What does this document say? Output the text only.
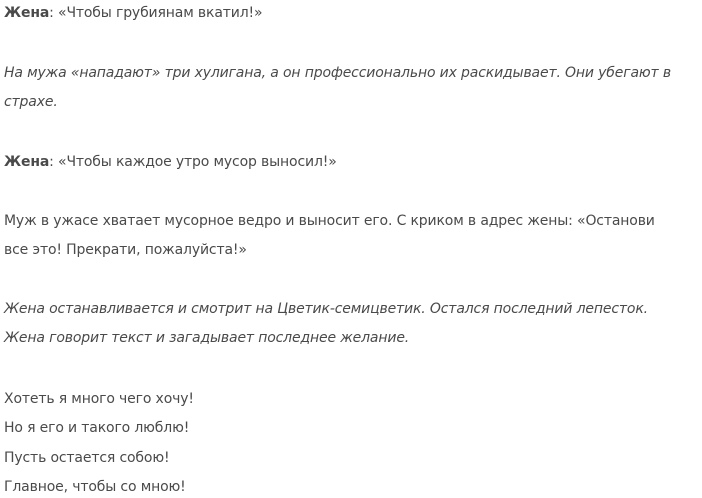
Жена: «Чтобы грубиянам вкатил!»
На мужа «нападают» три хулигана, а он профессионально их раскидывает. Они убегают в
страхе.
Жена: «Чтобы каждое утро мусор выносил!»
Муж в ужасе хватает мусорное ведро и выносит его. С криком в адрес жены: «Останови
все это! Прекрати, пожалуйста!»
Жена останавливается и смотрит на Цветик-семицветик. Остался последний лепесток.
Жена говорит текст и загадывает последнее желание.
Хотеть я много чего хочу!
Но я его и такого люблю!
Пусть остается собою!
Главное, чтобы со мною!
